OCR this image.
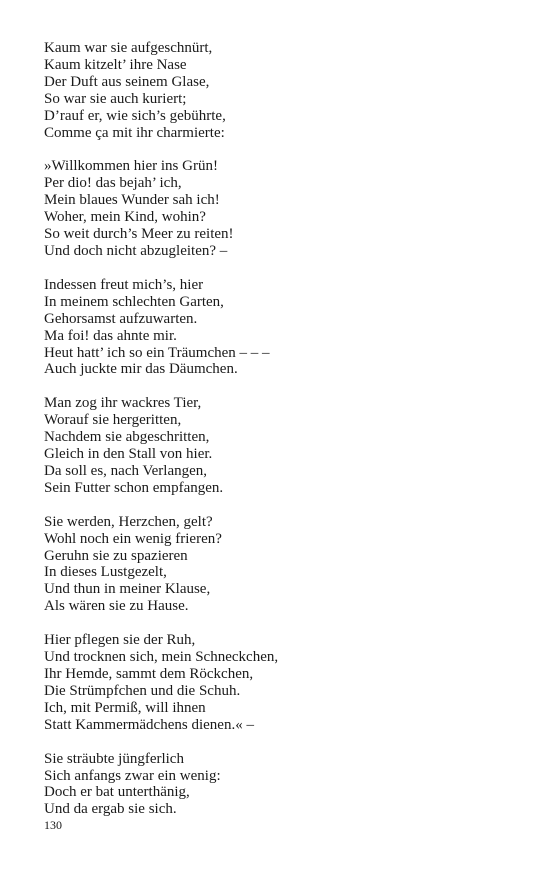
Kaum war sie aufgeschnürt,
Kaum kitzelt’ ihre Nase
Der Duft aus seinem Glase,
So war sie auch kuriert;
D’rauf er, wie sich’s gebührte,
Comme ça mit ihr charmierte:
»Willkommen hier ins Grün!
Per dio! das bejah’ ich,
Mein blaues Wunder sah ich!
Woher, mein Kind, wohin?
So weit durch’s Meer zu reiten!
Und doch nicht abzugleiten? –
Indessen freut mich’s, hier
In meinem schlechten Garten,
Gehorsamst aufzuwarten.
Ma foi! das ahnte mir.
Heut hatt’ ich so ein Träumchen – – –
Auch juckte mir das Däumchen.
Man zog ihr wackres Tier,
Worauf sie hergeritten,
Nachdem sie abgeschritten,
Gleich in den Stall von hier.
Da soll es, nach Verlangen,
Sein Futter schon empfangen.
Sie werden, Herzchen, gelt?
Wohl noch ein wenig frieren?
Geruhn sie zu spazieren
In dieses Lustgezelt,
Und thun in meiner Klause,
Als wären sie zu Hause.
Hier pflegen sie der Ruh,
Und trocknen sich, mein Schneckchen,
Ihr Hemde, sammt dem Röckchen,
Die Strümpfchen und die Schuh.
Ich, mit Permiß, will ihnen
Statt Kammermädchens dienen.« –
Sie sträubte jüngferlich
Sich anfangs zwar ein wenig:
Doch er bat unterthänig,
Und da ergab sie sich.
130
